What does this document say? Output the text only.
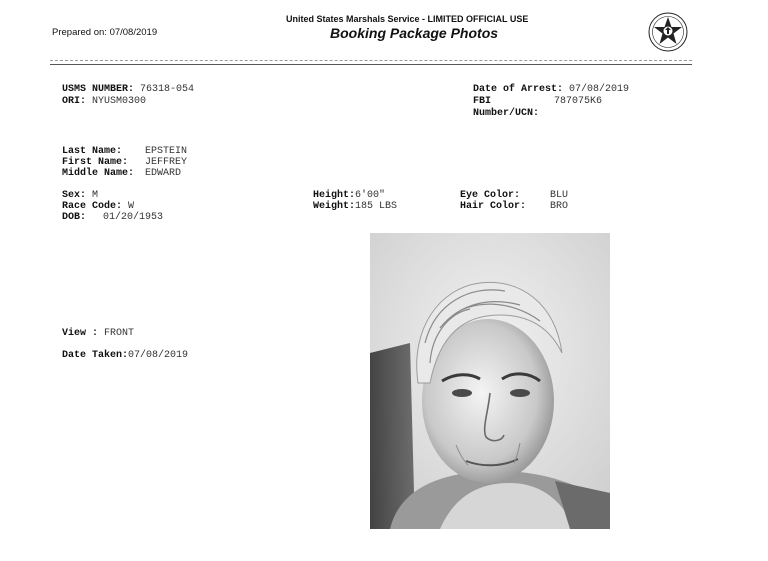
Prepared on: 07/08/2019
United States Marshals Service - LIMITED OFFICIAL USE
Booking Package Photos
USMS NUMBER: 76318-054
ORI: NYUSM0300
Date of Arrest: 07/08/2019
FBI	787075K6
Number/UCN:
Last Name: EPSTEIN
First Name: JEFFREY
Middle Name: EDWARD
Sex: M
Race Code: W
DOB: 01/20/1953
Height:6'00"
Weight:185 LBS
Eye Color:	BLU
Hair Color: BRO
View : FRONT
Date Taken:07/08/2019
